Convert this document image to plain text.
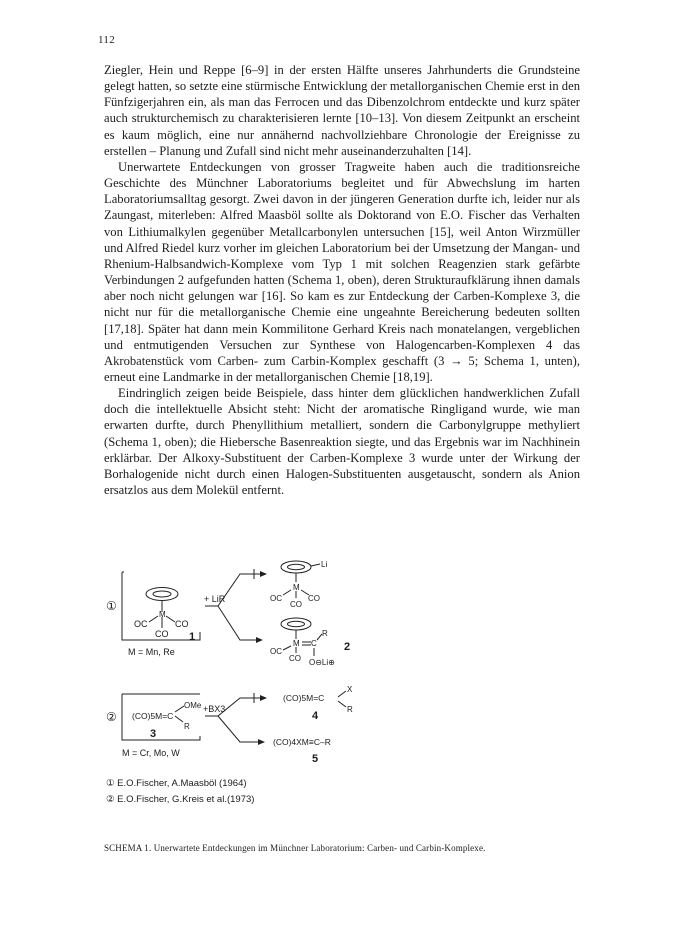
112

Ziegler, Hein und Reppe [6–9] in der ersten Hälfte unseres Jahrhunderts die Grundsteine gelegt hatten, so setzte eine stürmische Entwicklung der metallorganischen Chemie erst in den Fünfzigerjahren ein, als man das Ferrocen und das Dibenzolchrom entdeckte und kurz später auch strukturchemisch zu charakterisieren lernte [10–13]. Von diesem Zeitpunkt an erscheint es kaum möglich, eine nur annähernd nachvollziehbare Chronologie der Ereignisse zu erstellen – Planung und Zufall sind nicht mehr auseinanderzuhalten [14].

Unerwartete Entdeckungen von grosser Tragweite haben auch die traditionsreiche Geschichte des Münchner Laboratoriums begleitet und für Abwechslung im harten Laboratoriumsalltag gesorgt. Zwei davon in der jüngeren Generation durfte ich, leider nur als Zaungast, miterleben: Alfred Maasböl sollte als Doktorand von E.O. Fischer das Verhalten von Lithiumalkylen gegenüber Metallcarbonylen untersuchen [15], weil Anton Wirzmüller und Alfred Riedel kurz vorher im gleichen Laboratorium bei der Umsetzung der Mangan- und Rhenium-Halbsandwich-Komplexe vom Typ 1 mit solchen Reagenzien stark gefärbte Verbindungen 2 aufgefunden hatten (Schema 1, oben), deren Strukturaufklärung ihnen damals aber noch nicht gelungen war [16]. So kam es zur Entdeckung der Carben-Komplexe 3, die nicht nur für die metallorganische Chemie eine ungeahnte Bereicherung bedeuten sollten [17,18]. Später hat dann mein Kommilitone Gerhard Kreis nach monatelangen, vergeblichen und entmutigenden Versuchen zur Synthese von Halogencarben-Komplexen 4 das Akrobatenstück vom Carben- zum Carbin-Komplex geschafft (3 → 5; Schema 1, unten), erneut eine Landmarke in der metallorganischen Chemie [18,19].

Eindringlich zeigen beide Beispiele, dass hinter dem glücklichen handwerklichen Zufall doch die intellektuelle Absicht steht: Nicht der aromatische Ringligand wurde, wie man erwarten durfte, durch Phenyllithium metalliert, sondern die Carbonylgruppe methyliert (Schema 1, oben); die Hiebersche Basenreaktion siegte, und das Ergebnis war im Nachhinein erklärbar. Der Alkoxy-Substituent der Carben-Komplexe 3 wurde unter der Wirkung der Borhalogenide nicht durch einen Halogen-Substituenten ausgetauscht, sondern als Anion ersatzlos aus dem Molekül entfernt.

①	+ LiR
M
OC	CO
CO 1
M = Mn, Re
Li
M
OC	CO
CO
M
OC
C
R
CO O⊖Li⊕
2
② (CO)5M=C
OMe
R
3
+BX3
M = Cr, Mo, W
(CO)5M=C
X
R
4
(CO)4XM≡C–R
5
① E.O.Fischer, A.Maasböl (1964)
② E.O.Fischer, G.Kreis et al.(1973)
SCHEMA 1. Unerwartete Entdeckungen im Münchner Laboratorium: Carben- und Carbin-Komplexe.
